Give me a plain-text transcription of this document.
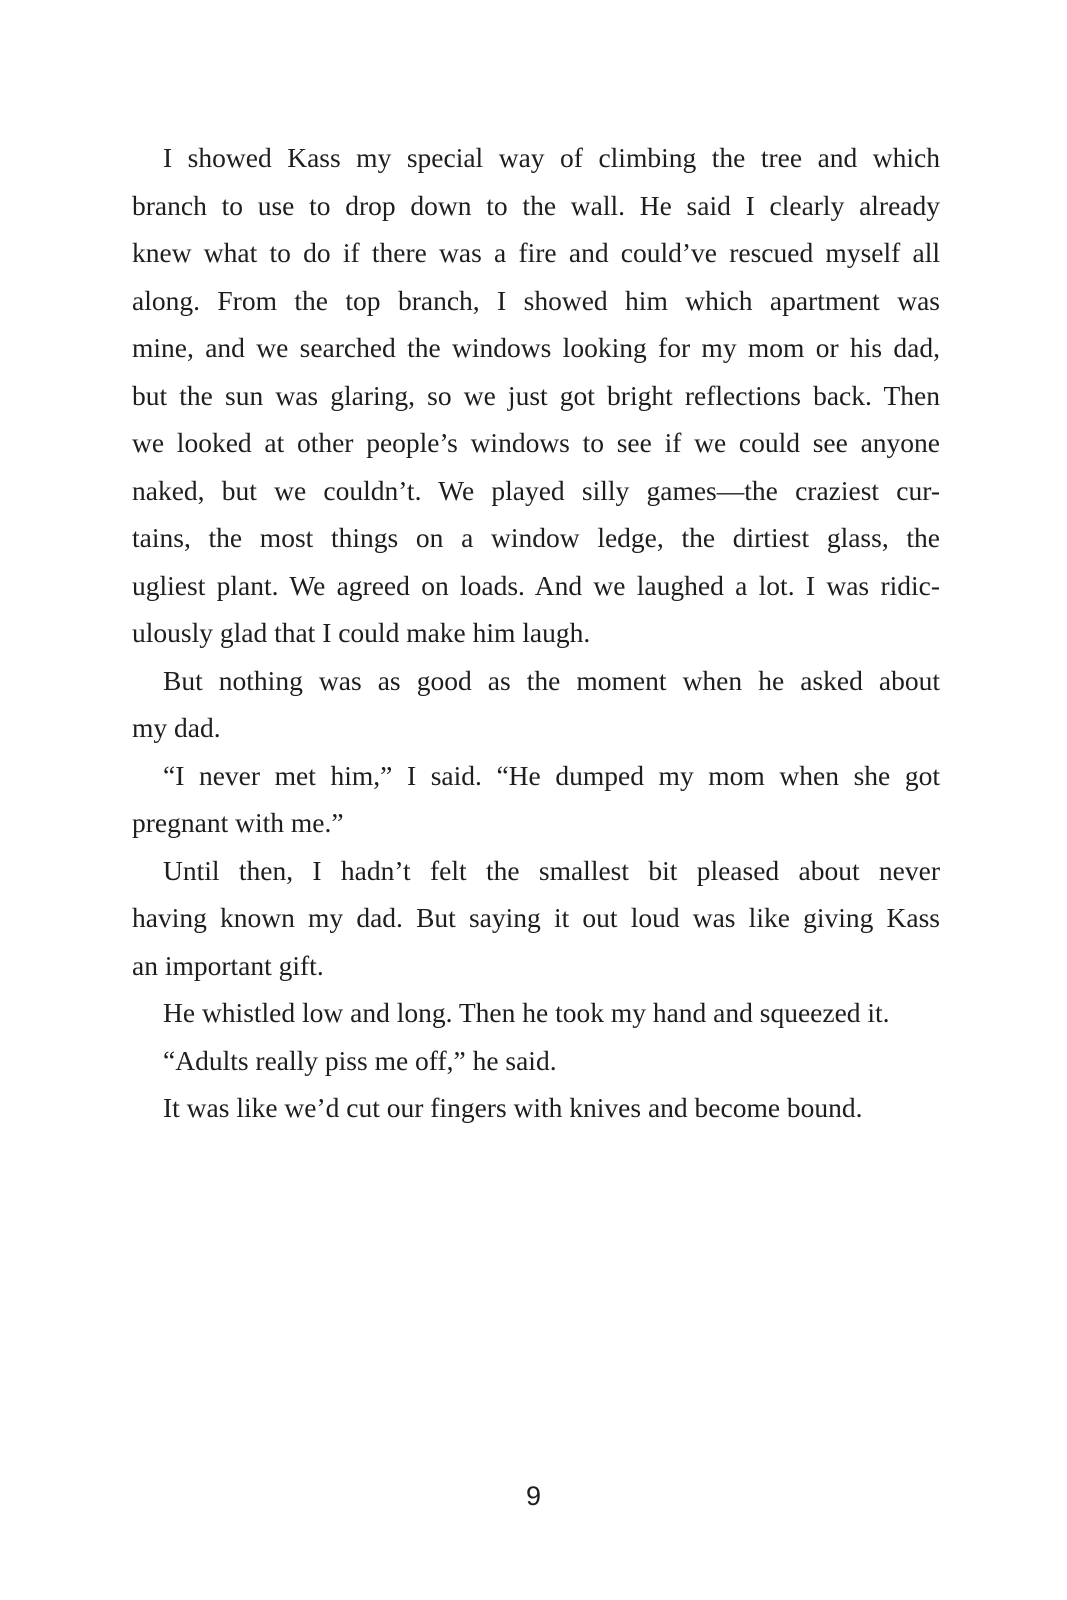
I showed Kass my special way of climbing the tree and which
branch to use to drop down to the wall. He said I clearly already
knew what to do if there was a fire and could’ve rescued myself all
along. From the top branch, I showed him which apartment was
mine, and we searched the windows looking for my mom or his dad,
but the sun was glaring, so we just got bright reflections back. Then
we looked at other people’s windows to see if we could see anyone
naked, but we couldn’t. We played silly games—the craziest cur-
tains, the most things on a window ledge, the dirtiest glass, the
ugliest plant. We agreed on loads. And we laughed a lot. I was ridic-
ulously glad that I could make him laugh.
But nothing was as good as the moment when he asked about
my dad.
“I never met him,” I said. “He dumped my mom when she got
pregnant with me.”
Until then, I hadn’t felt the smallest bit pleased about never
having known my dad. But saying it out loud was like giving Kass
an important gift.
He whistled low and long. Then he took my hand and squeezed it.
“Adults really piss me off,” he said.
It was like we’d cut our fingers with knives and become bound.
9
